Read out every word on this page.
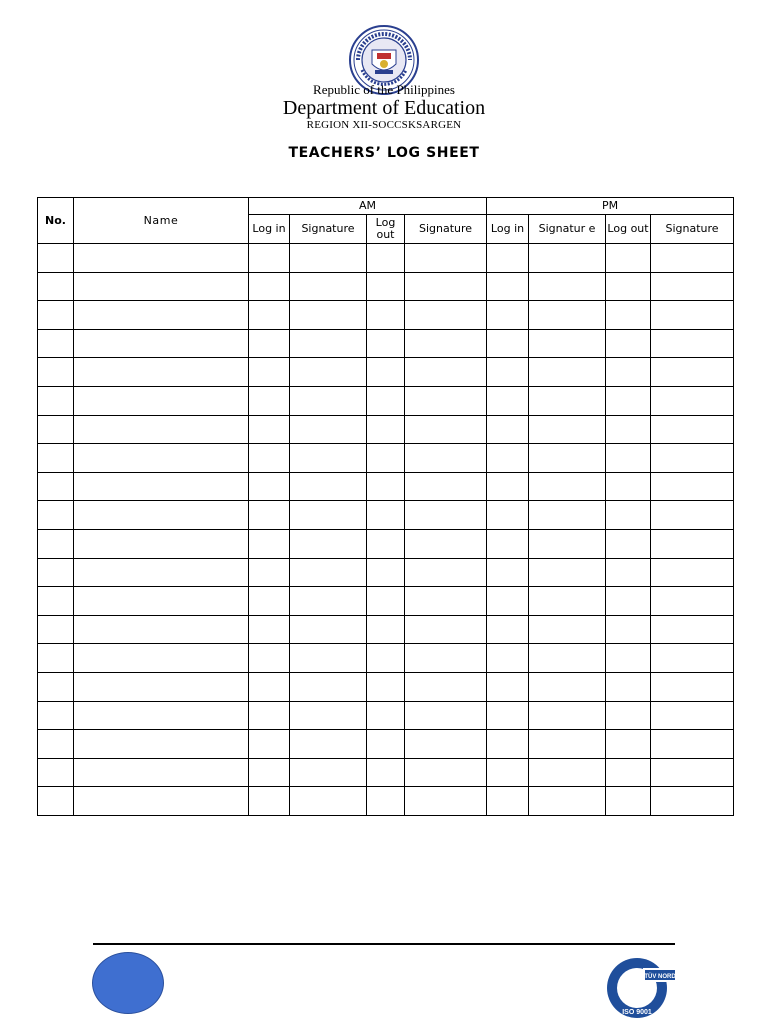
Republic of the Philippines
Department of Education
REGION XII-SOCCSKSARGEN
TEACHERS’ LOG SHEET
No.	Name	AM				PM			
		Log in	Signature	Log out	Signature	Log in	Signatur e	Log out	Signature

TÜV NORD
ISO 9001
